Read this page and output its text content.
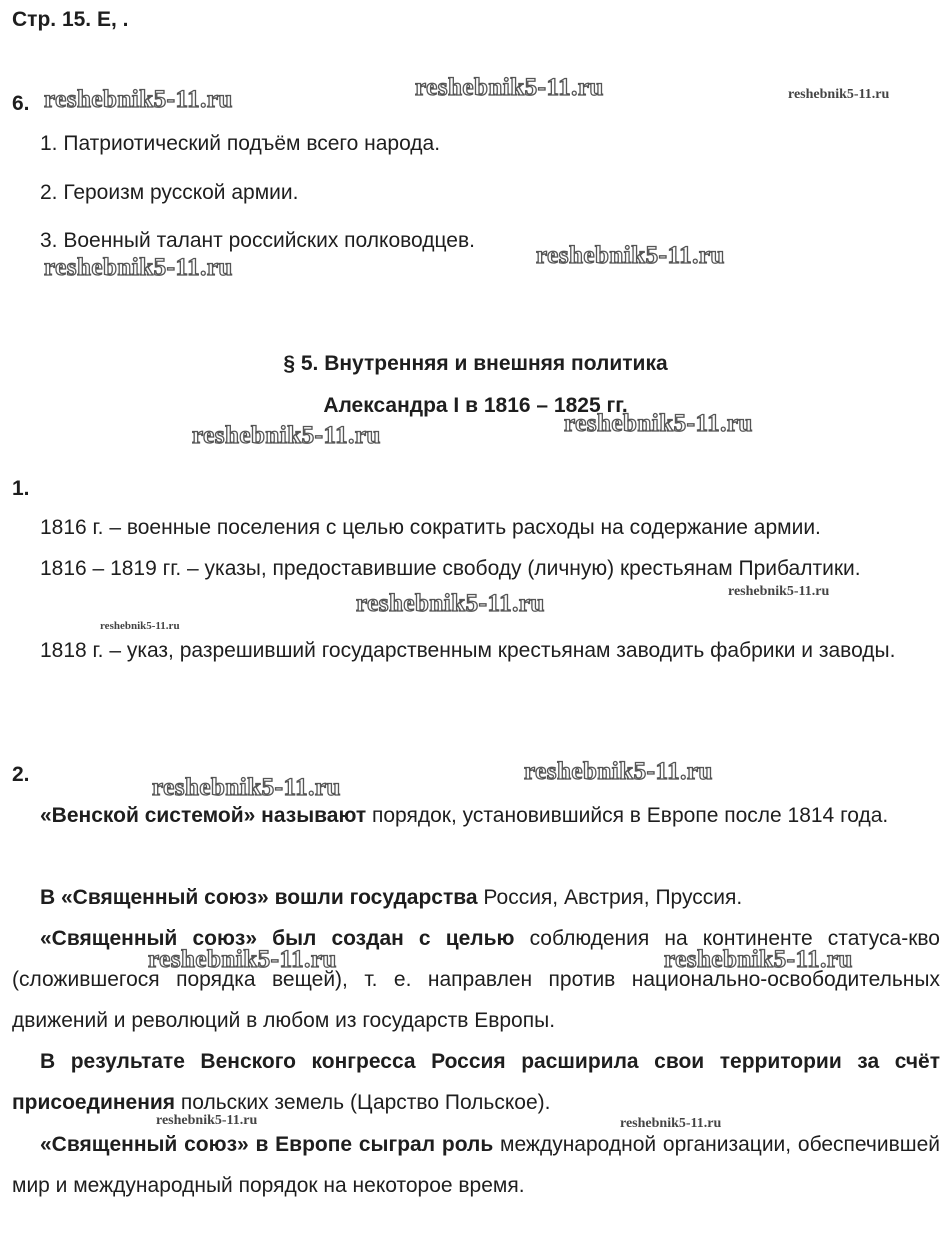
Стр. 15. Е, .
6.
1. Патриотический подъём всего народа.
2. Героизм русской армии.
3. Военный талант российских полководцев.
§ 5. Внутренняя и внешняя политика
Александра I в 1816 – 1825 гг.
1.
1816 г. – военные поселения с целью сократить расходы на содержание армии.
1816 – 1819 гг. – указы, предоставившие свободу (личную) крестьянам Прибалтики.
1818 г. – указ, разрешивший государственным крестьянам заводить фабрики и заводы.
2.
«Венской системой» называют порядок, установившийся в Европе после 1814 года.
В «Священный союз» вошли государства Россия, Австрия, Пруссия.
«Священный союз» был создан с целью соблюдения на континенте статуса-кво (сложившегося порядка вещей), т. е. направлен против национально-освободительных движений и революций в любом из государств Европы.
В результате Венского конгресса Россия расширила свои территории за счёт присоединения польских земель (Царство Польское).
«Священный союз» в Европе сыграл роль международной организации, обеспечившей мир и международный порядок на некоторое время.
reshebnik5-11.ru	reshebnik5-11.ru	reshebnik5-11.ru
reshebnik5-11.ru	reshebnik5-11.ru
reshebnik5-11.ru	reshebnik5-11.ru
reshebnik5-11.ru	reshebnik5-11.ru
reshebnik5-11.ru
reshebnik5-11.ru
reshebnik5-11.ru
reshebnik5-11.ru	reshebnik5-11.ru
reshebnik5-11.ru	reshebnik5-11.ru
